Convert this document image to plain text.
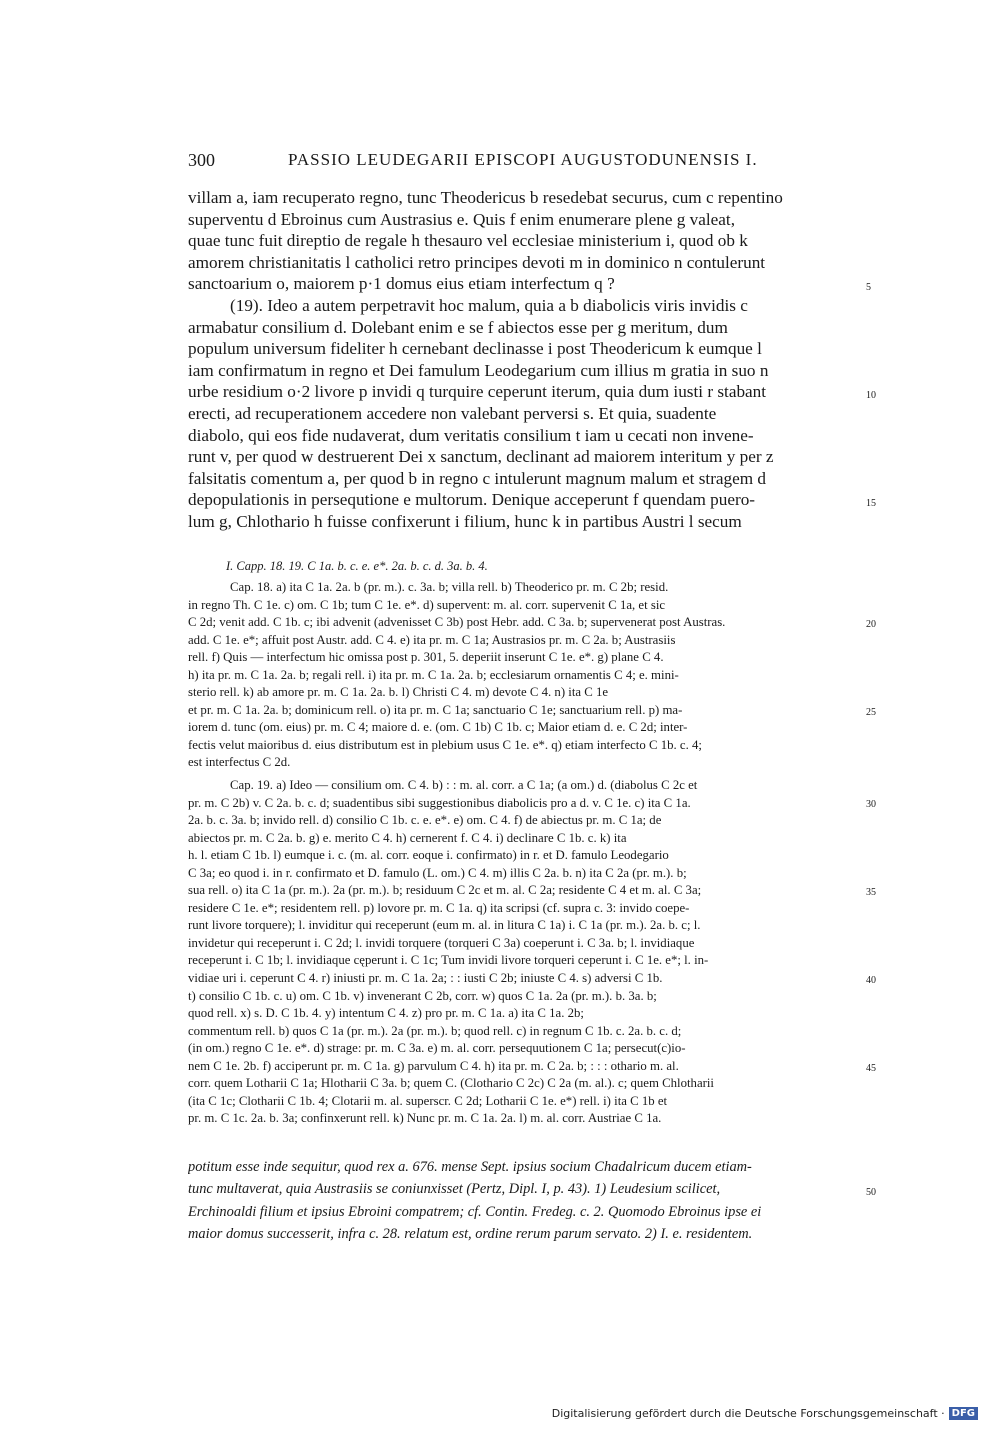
300	PASSIO LEUDEGARII EPISCOPI AUGUSTODUNENSIS I.
villam a, iam recuperato regno, tunc Theodericus b resedebat securus, cum c repentino
superventu d Ebroinus cum Austrasius e. Quis f enim enumerare plene g valeat,
quae tunc fuit direptio de regale h thesauro vel ecclesiae ministerium i, quod ob k
amorem christianitatis l catholici retro principes devoti m in dominico n contulerunt
sanctoarium o, maiorem p·1 domus eius etiam interfectum q ?
(19). Ideo a autem perpetravit hoc malum, quia a b diabolicis viris invidis c
armabatur consilium d. Dolebant enim e se f abiectos esse per g meritum, dum
populum universum fideliter h cernebant declinasse i post Theodericum k eumque l
iam confirmatum in regno et Dei famulum Leodegarium cum illius m gratia in suo n
urbe residium o·2 livore p invidi q turquire ceperunt iterum, quia dum iusti r stabant
erecti, ad recuperationem accedere non valebant perversi s. Et quia, suadente
diabolo, qui eos fide nudaverat, dum veritatis consilium t iam u cecati non invene-
runt v, per quod w destruerent Dei x sanctum, declinant ad maiorem interitum y per z
falsitatis comentum a, per quod b in regno c intulerunt magnum malum et stragem d
depopulationis in persequtione e multorum. Denique acceperunt f quendam puero-
lum g, Chlothario h fuisse confixerunt i filium, hunc k in partibus Austri l secum
5
10
15
I. Capp. 18. 19. C 1a. b. c. e. e*. 2a. b. c. d. 3a. b. 4.
Cap. 18. a) ita C 1a. 2a. b (pr. m.). c. 3a. b; villa rell. b) Theoderico pr. m. C 2b; resid.
in regno Th. C 1e. c) om. C 1b; tum C 1e. e*. d) supervent: m. al. corr. supervenit C 1a, et sic
C 2d; venit add. C 1b. c; ibi advenit (advenisset C 3b) post Hebr. add. C 3a. b; supervenerat post Austras.
add. C 1e. e*; affuit post Austr. add. C 4. e) ita pr. m. C 1a; Austrasios pr. m. C 2a. b; Austrasiis
rell. f) Quis — interfectum hic omissa post p. 301, 5. deperiit inserunt C 1e. e*. g) plane C 4.
h) ita pr. m. C 1a. 2a. b; regali rell. i) ita pr. m. C 1a. 2a. b; ecclesiarum ornamentis C 4; e. mini-
sterio rell. k) ab amore pr. m. C 1a. 2a. b. l) Christi C 4. m) devote C 4. n) ita C 1e
et pr. m. C 1a. 2a. b; dominicum rell. o) ita pr. m. C 1a; sanctuario C 1e; sanctuarium rell. p) ma-
iorem d. tunc (om. eius) pr. m. C 4; maiore d. e. (om. C 1b) C 1b. c; Maior etiam d. e. C 2d; inter-
fectis velut maioribus d. eius distributum est in plebium usus C 1e. e*. q) etiam interfecto C 1b. c. 4;
est interfectus C 2d.
Cap. 19. a) Ideo — consilium om. C 4. b) : : m. al. corr. a C 1a; (a om.) d. (diabolus C 2c et
pr. m. C 2b) v. C 2a. b. c. d; suadentibus sibi suggestionibus diabolicis pro a d. v. C 1e. c) ita C 1a.
2a. b. c. 3a. b; invido rell. d) consilio C 1b. c. e. e*. e) om. C 4. f) de abiectus pr. m. C 1a; de
abiectos pr. m. C 2a. b. g) e. merito C 4. h) cernerent f. C 4. i) declinare C 1b. c. k) ita
h. l. etiam C 1b. l) eumque i. c. (m. al. corr. eoque i. confirmato) in r. et D. famulo Leodegario
C 3a; eo quod i. in r. confirmato et D. famulo (L. om.) C 4. m) illis C 2a. b. n) ita C 2a (pr. m.). b;
sua rell. o) ita C 1a (pr. m.). 2a (pr. m.). b; residuum C 2c et m. al. C 2a; residente C 4 et m. al. C 3a;
residere C 1e. e*; residentem rell. p) lovore pr. m. C 1a. q) ita scripsi (cf. supra c. 3: invido coepe-
runt livore torquere); l. inviditur qui receperunt (eum m. al. in litura C 1a) i. C 1a (pr. m.). 2a. b. c; l.
invidetur qui receperunt i. C 2d; l. invidi torquere (torqueri C 3a) coeperunt i. C 3a. b; l. invidiaque
receperunt i. C 1b; l. invidiaque cęperunt i. C 1c; Tum invidi livore torqueri ceperunt i. C 1e. e*; l. in-
vidiae uri i. ceperunt C 4. r) iniusti pr. m. C 1a. 2a; : : iusti C 2b; iniuste C 4. s) adversi C 1b.
t) consilio C 1b. c. u) om. C 1b. v) invenerant C 2b, corr. w) quos C 1a. 2a (pr. m.). b. 3a. b;
quod rell. x) s. D. C 1b. 4. y) intentum C 4. z) pro pr. m. C 1a. a) ita C 1a. 2b;
commentum rell. b) quos C 1a (pr. m.). 2a (pr. m.). b; quod rell. c) in regnum C 1b. c. 2a. b. c. d;
(in om.) regno C 1e. e*. d) strage: pr. m. C 3a. e) m. al. corr. persequutionem C 1a; persecut(c)io-
nem C 1e. 2b. f) acciperunt pr. m. C 1a. g) parvulum C 4. h) ita pr. m. C 2a. b; : : : othario m. al.
corr. quem Lotharii C 1a; Hlotharii C 3a. b; quem C. (Clothario C 2c) C 2a (m. al.). c; quem Chlotharii
(ita C 1c; Clotharii C 1b. 4; Clotarii m. al. superscr. C 2d; Lotharii C 1e. e*) rell. i) ita C 1b et
pr. m. C 1c. 2a. b. 3a; confinxerunt rell. k) Nunc pr. m. C 1a. 2a. l) m. al. corr. Austriae C 1a.
20
25
30
35
40
45
potitum esse inde sequitur, quod rex a. 676. mense Sept. ipsius socium Chadalricum ducem etiam-
tunc multaverat, quia Austrasiis se coniunxisset (Pertz, Dipl. I, p. 43). 1) Leudesium scilicet,
Erchinoaldi filium et ipsius Ebroini compatrem; cf. Contin. Fredeg. c. 2. Quomodo Ebroinus ipse ei
maior domus successerit, infra c. 28. relatum est, ordine rerum parum servato. 2) I. e. residentem.
50
Digitalisierung gefördert durch die Deutsche Forschungsgemeinschaft · DFG
